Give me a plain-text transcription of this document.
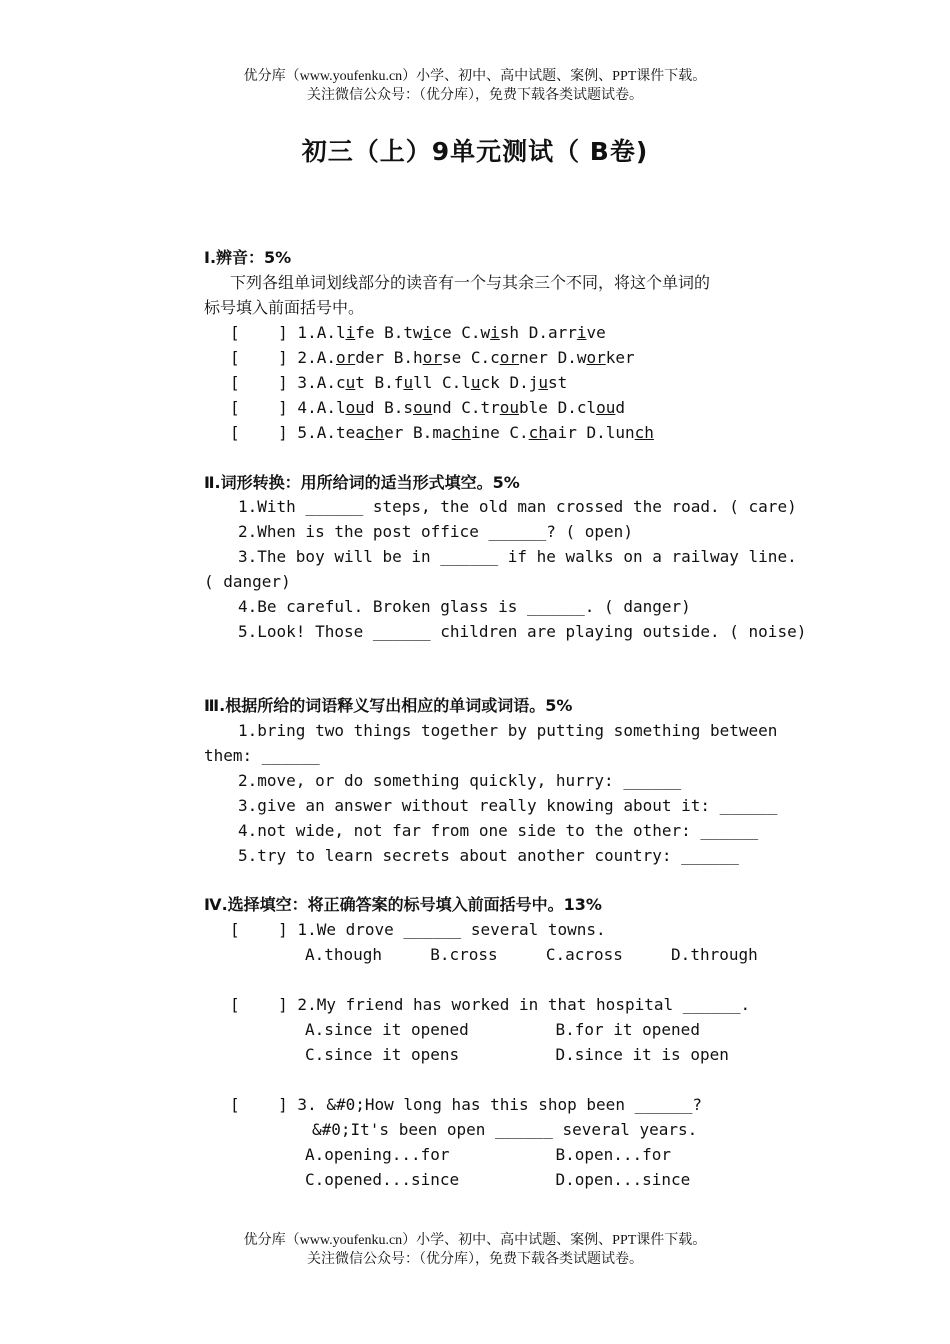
优分库（www.youfenku.cn）小学、初中、高中试题、案例、PPT课件下载。
关注微信公众号：（优分库），免费下载各类试题试卷。
初三（上）9单元测试（ B卷)
Ⅰ.辨音：5%
下列各组单词划线部分的读音有一个与其余三个不同，将这个单词的
标号填入前面括号中。
[    ] 1.A.life B.twice C.wish D.arrive
[    ] 2.A.order B.horse C.corner D.worker
[    ] 3.A.cut B.full C.luck D.just
[    ] 4.A.loud B.sound C.trouble D.cloud
[    ] 5.A.teacher B.machine C.chair D.lunch
Ⅱ.词形转换：用所给词的适当形式填空。5%
1.With ______ steps, the old man crossed the road. ( care)
2.When is the post office ______? ( open)
3.The boy will be in ______ if he walks on a railway line.
( danger)
4.Be careful. Broken glass is ______. ( danger)
5.Look! Those ______ children are playing outside. ( noise)
Ⅲ.根据所给的词语释义写出相应的单词或词语。5%
1.bring two things together by putting something between
them: ______
2.move, or do something quickly, hurry: ______
3.give an answer without really knowing about it: ______
4.not wide, not far from one side to the other: ______
5.try to learn secrets about another country: ______
Ⅳ.选择填空：将正确答案的标号填入前面括号中。13%
[    ] 1.We drove ______ several towns.
A.though     B.cross     C.across     D.through
[    ] 2.My friend has worked in that hospital ______.
A.since it opened         B.for it opened
C.since it opens          D.since it is open
[    ] 3. &#0;How long has this shop been ______?
&#0;It's been open ______ several years.
A.opening...for           B.open...for
C.opened...since          D.open...since
优分库（www.youfenku.cn）小学、初中、高中试题、案例、PPT课件下载。
关注微信公众号：（优分库），免费下载各类试题试卷。
